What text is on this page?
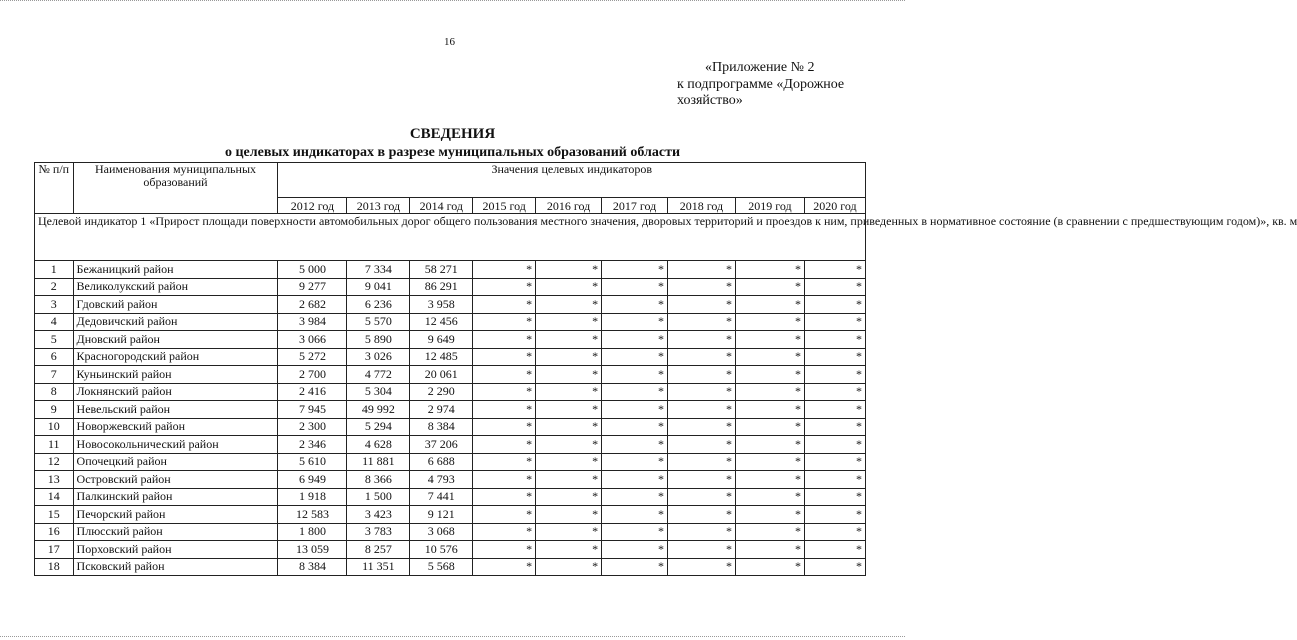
16
«Приложение № 2
к подпрограмме «Дорожное
хозяйство»
СВЕДЕНИЯ
о целевых индикаторах в разрезе муниципальных образований области
№ п/п	Наименования муниципальных образований	Значения целевых индикаторов								
		2012 год	2013 год	2014 год	2015 год	2016 год	2017 год	2018 год	2019 год	2020 год
Целевой индикатор 1 «Прирост площади поверхности автомобильных дорог общего пользования местного значения, дворовых территорий и проездов к ним, приведенных в нормативное состояние (в сравнении с предшествующим годом)», кв. м										
1	Бежаницкий район	5 000	7 334	58 271	*	*	*	*	*	*
2	Великолукский район	9 277	9 041	86 291	*	*	*	*	*	*
3	Гдовский район	2 682	6 236	3 958	*	*	*	*	*	*
4	Дедовичский район	3 984	5 570	12 456	*	*	*	*	*	*
5	Дновский район	3 066	5 890	9 649	*	*	*	*	*	*
6	Красногородский район	5 272	3 026	12 485	*	*	*	*	*	*
7	Куньинский район	2 700	4 772	20 061	*	*	*	*	*	*
8	Локнянский район	2 416	5 304	2 290	*	*	*	*	*	*
9	Невельский район	7 945	49 992	2 974	*	*	*	*	*	*
10	Новоржевский район	2 300	5 294	8 384	*	*	*	*	*	*
11	Новосокольнический район	2 346	4 628	37 206	*	*	*	*	*	*
12	Опочецкий район	5 610	11 881	6 688	*	*	*	*	*	*
13	Островский район	6 949	8 366	4 793	*	*	*	*	*	*
14	Палкинский район	1 918	1 500	7 441	*	*	*	*	*	*
15	Печорский район	12 583	3 423	9 121	*	*	*	*	*	*
16	Плюсский район	1 800	3 783	3 068	*	*	*	*	*	*
17	Порховский район	13 059	8 257	10 576	*	*	*	*	*	*
18	Псковский район	8 384	11 351	5 568	*	*	*	*	*	*
